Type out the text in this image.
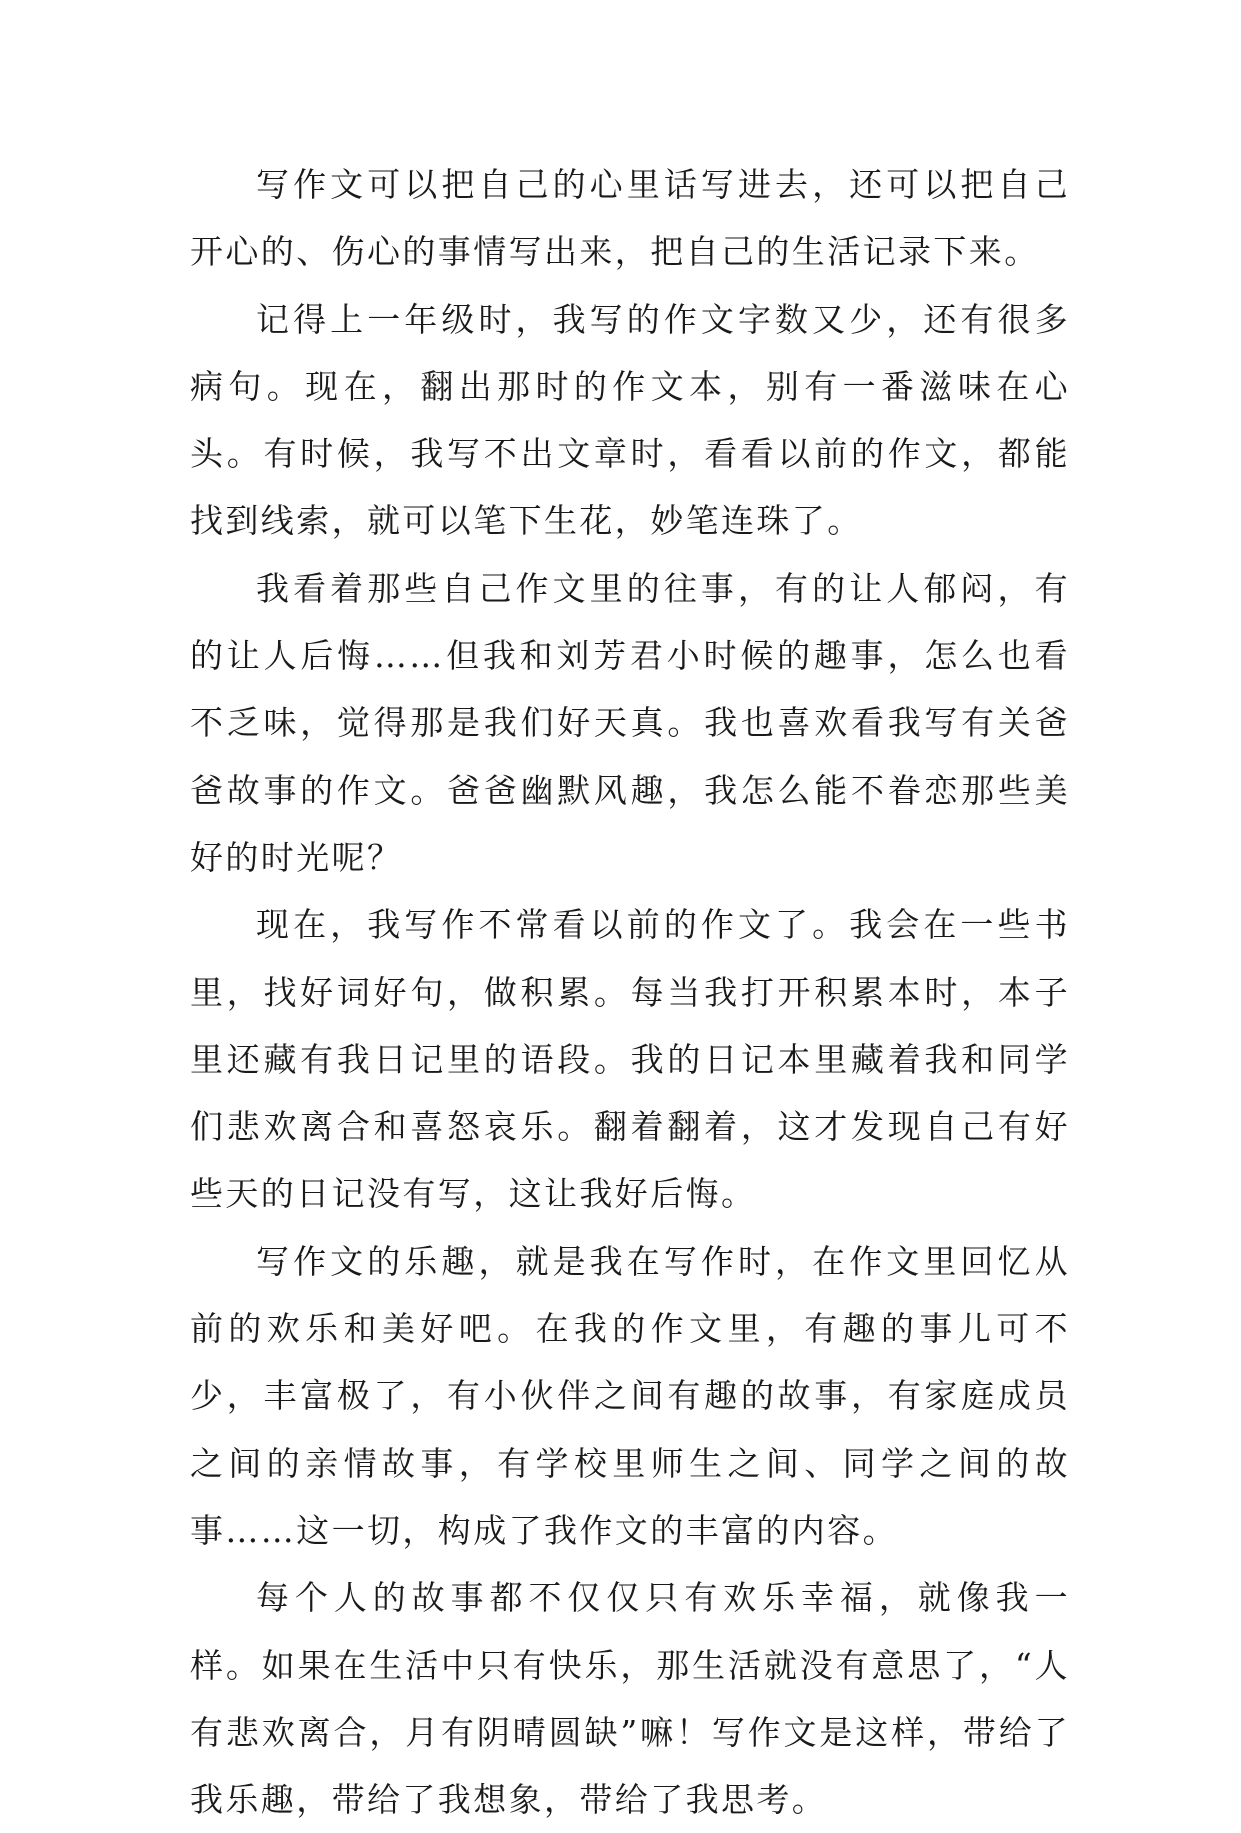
写作文可以把自己的心里话写进去，还可以把自己开心的、伤心的事情写出来，把自己的生活记录下来。

记得上一年级时，我写的作文字数又少，还有很多病句。现在，翻出那时的作文本，别有一番滋味在心头。有时候，我写不出文章时，看看以前的作文，都能找到线索，就可以笔下生花，妙笔连珠了。

我看着那些自己作文里的往事，有的让人郁闷，有的让人后悔……但我和刘芳君小时候的趣事，怎么也看不乏味，觉得那是我们好天真。我也喜欢看我写有关爸爸故事的作文。爸爸幽默风趣，我怎么能不眷恋那些美好的时光呢？

现在，我写作不常看以前的作文了。我会在一些书里，找好词好句，做积累。每当我打开积累本时，本子里还藏有我日记里的语段。我的日记本里藏着我和同学们悲欢离合和喜怒哀乐。翻着翻着，这才发现自己有好些天的日记没有写，这让我好后悔。

写作文的乐趣，就是我在写作时，在作文里回忆从前的欢乐和美好吧。在我的作文里，有趣的事儿可不少，丰富极了，有小伙伴之间有趣的故事，有家庭成员之间的亲情故事，有学校里师生之间、同学之间的故事……这一切，构成了我作文的丰富的内容。

每个人的故事都不仅仅只有欢乐幸福，就像我一样。如果在生活中只有快乐，那生活就没有意思了，“人有悲欢离合，月有阴晴圆缺”嘛！写作文是这样，带给了我乐趣，带给了我想象，带给了我思考。
